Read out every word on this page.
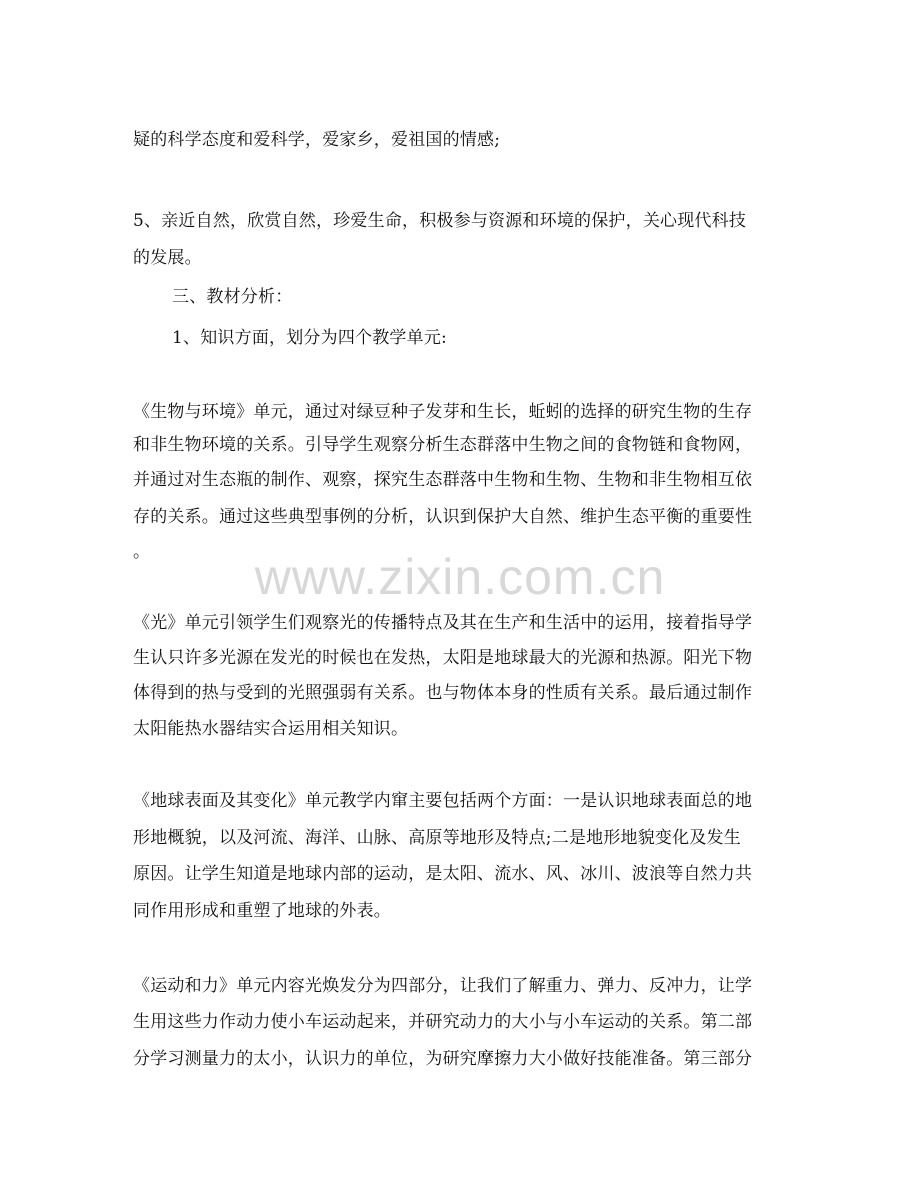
www.zixin.com.cn
疑的科学态度和爱科学，爱家乡，爱祖国的情感;
5、亲近自然，欣赏自然，珍爱生命，积极参与资源和环境的保护，关心现代科技
的发展。
三、教材分析：
1、知识方面，划分为四个教学单元:
《生物与环境》单元，通过对绿豆种子发芽和生长，蚯蚓的选择的研究生物的生存
和非生物环境的关系。引导学生观察分析生态群落中生物之间的食物链和食物网，
并通过对生态瓶的制作、观察，探究生态群落中生物和生物、生物和非生物相互依
存的关系。通过这些典型事例的分析，认识到保护大自然、维护生态平衡的重要性
。
《光》单元引领学生们观察光的传播特点及其在生产和生活中的运用，接着指导学
生认只许多光源在发光的时候也在发热，太阳是地球最大的光源和热源。阳光下物
体得到的热与受到的光照强弱有关系。也与物体本身的性质有关系。最后通过制作
太阳能热水器结实合运用相关知识。
《地球表面及其变化》单元教学内窜主要包括两个方面：一是认识地球表面总的地
形地概貌，以及河流、海洋、山脉、高原等地形及特点;二是地形地貌变化及发生
原因。让学生知道是地球内部的运动，是太阳、流水、风、冰川、波浪等自然力共
同作用形成和重塑了地球的外表。
《运动和力》单元内容光焕发分为四部分，让我们了解重力、弹力、反冲力，让学
生用这些力作动力使小车运动起来，并研究动力的大小与小车运动的关系。第二部
分学习测量力的太小，认识力的单位，为研究摩擦力大小做好技能准备。第三部分
